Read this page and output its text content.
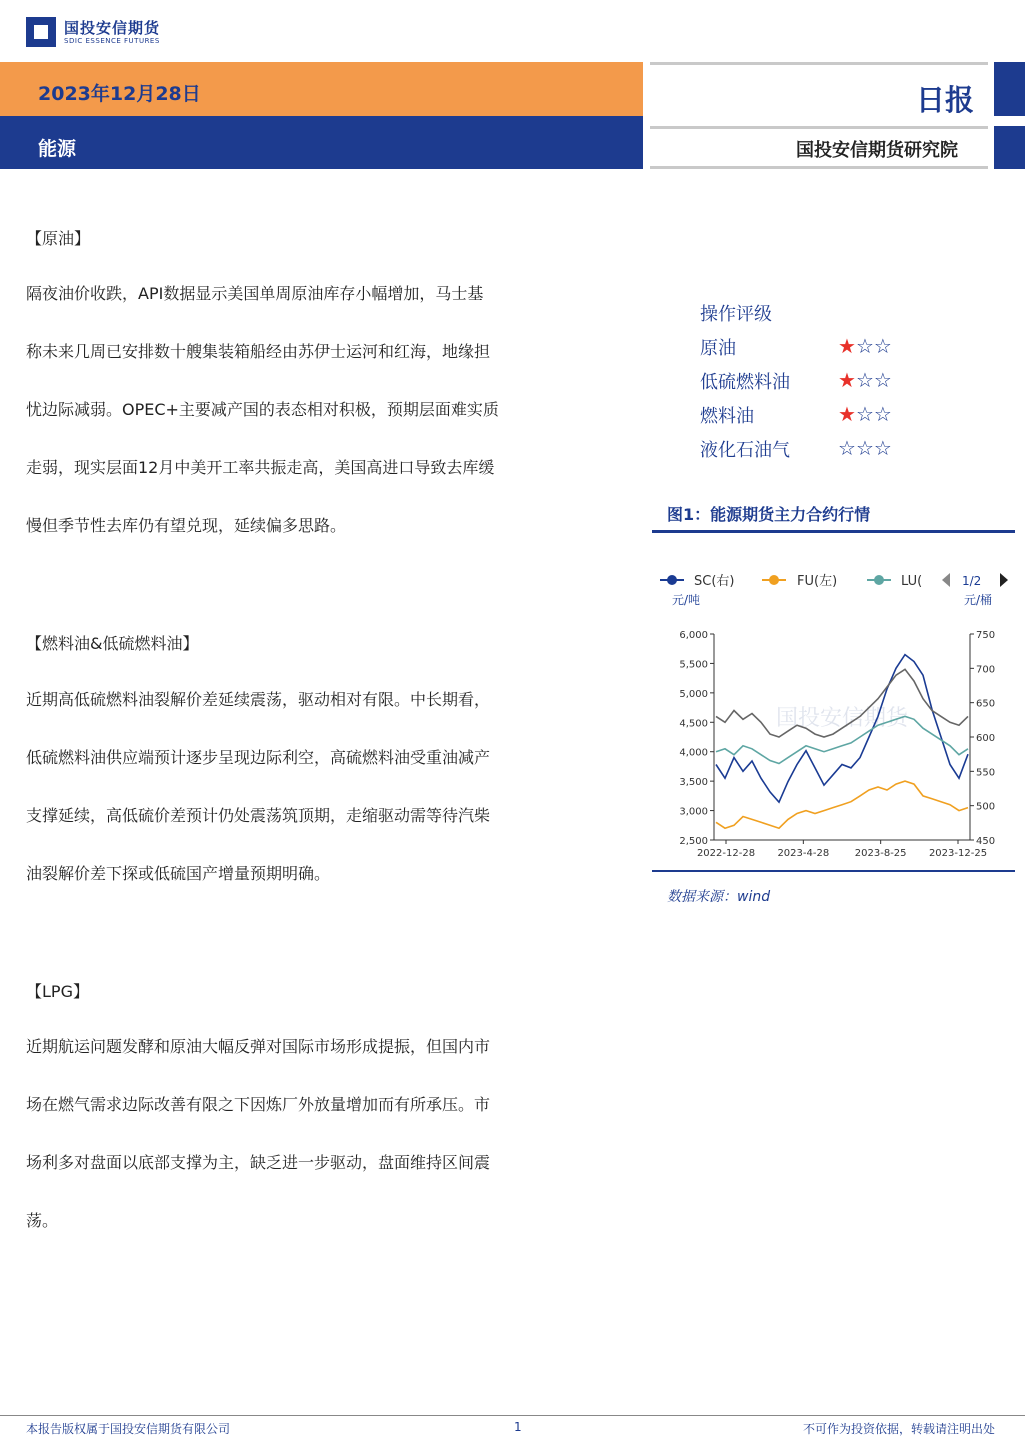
国投安信期货
SDIC ESSENCE FUTURES
2023年12月28日
能源
日报
国投安信期货研究院
【原油】

隔夜油价收跌，API数据显示美国单周原油库存小幅增加，马士基

称未来几周已安排数十艘集装箱船经由苏伊士运河和红海，地缘担

忧边际减弱。OPEC+主要减产国的表态相对积极，预期层面难实质

走弱，现实层面12月中美开工率共振走高，美国高进口导致去库缓

慢但季节性去库仍有望兑现，延续偏多思路。

【燃料油&低硫燃料油】

近期高低硫燃料油裂解价差延续震荡，驱动相对有限。中长期看，

低硫燃料油供应端预计逐步呈现边际利空，高硫燃料油受重油减产

支撑延续，高低硫价差预计仍处震荡筑顶期，走缩驱动需等待汽柴

油裂解价差下探或低硫国产增量预期明确。

【LPG】

近期航运问题发酵和原油大幅反弹对国际市场形成提振，但国内市

场在燃气需求边际改善有限之下因炼厂外放量增加而有所承压。市

场利多对盘面以底部支撑为主，缺乏进一步驱动，盘面维持区间震

荡。

操作评级
原油	★☆☆
低硫燃料油 ★☆☆
燃料油	★☆☆
液化石油气 ☆☆☆
图1：能源期货主力合约行情
SC(右)	FU(左)	LU(	1/2
元/吨	元/桶
6,000
5,500
5,000
4,500
4,000
3,500
3,000
2,500
750
700
650
600
550
500
450
2022-12-28 2023-4-28	2023-8-25 2023-12-25
国投安信期货
数据来源：wind
本报告版权属于国投安信期货有限公司	1	不可作为投资依据，转载请注明出处
